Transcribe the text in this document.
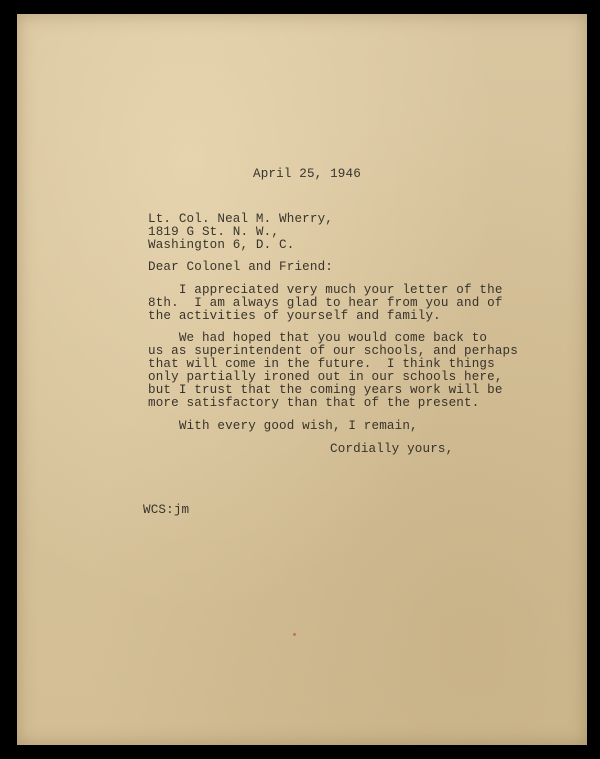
April 25, 1946
Lt. Col. Neal M. Wherry,
1819 G St. N. W.,
Washington 6, D. C.
Dear Colonel and Friend:
I appreciated very much your letter of the
8th.  I am always glad to hear from you and of
the activities of yourself and family.
We had hoped that you would come back to
us as superintendent of our schools, and perhaps
that will come in the future.  I think things
only partially ironed out in our schools here,
but I trust that the coming years work will be
more satisfactory than that of the present.
With every good wish, I remain,
Cordially yours,
WCS:jm
